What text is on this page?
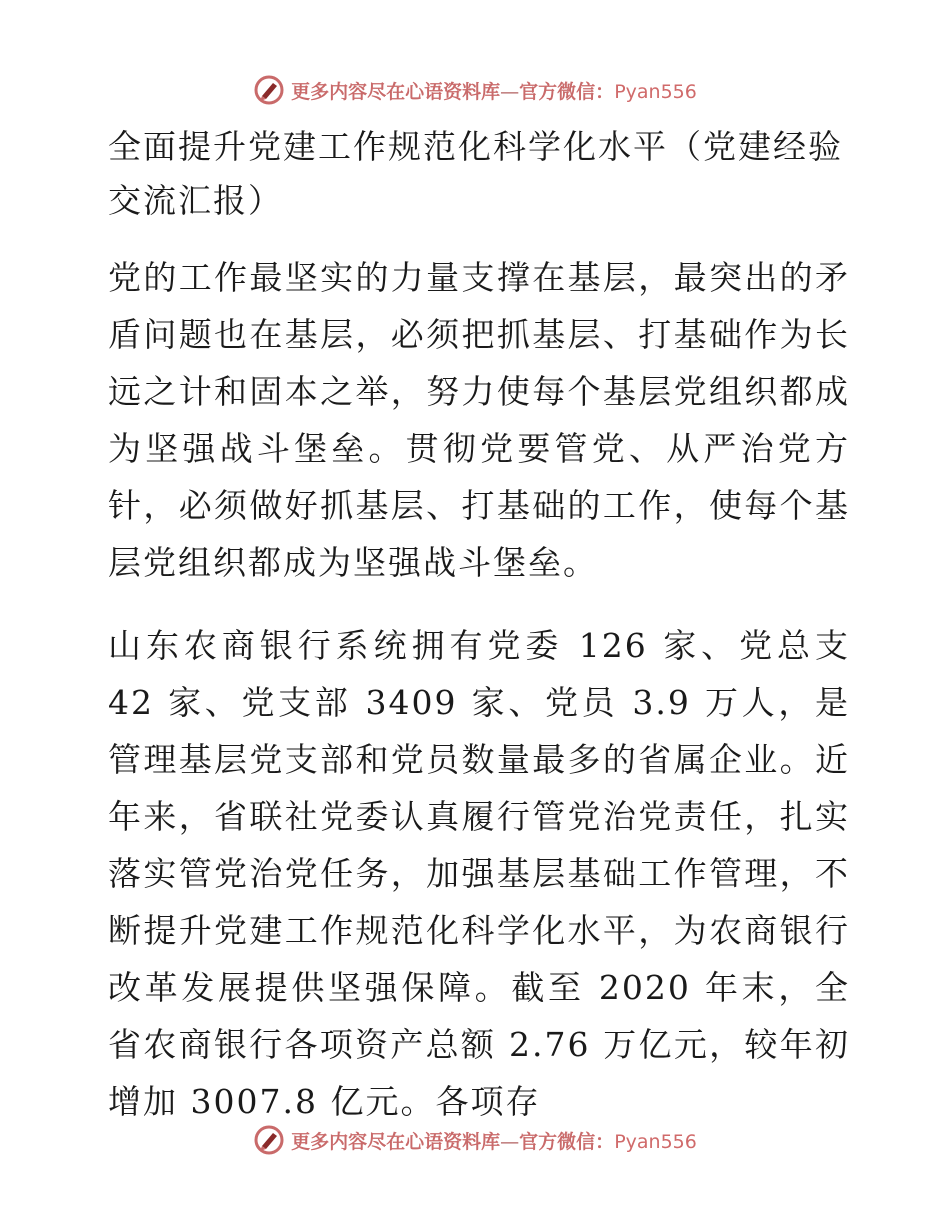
更多内容尽在心语资料库—官方微信：Pyan556
全面提升党建工作规范化科学化水平（党建经验交流汇报）

党的工作最坚实的力量支撑在基层，最突出的矛盾问题也在基层，必须把抓基层、打基础作为长远之计和固本之举，努力使每个基层党组织都成为坚强战斗堡垒。贯彻党要管党、从严治党方针，必须做好抓基层、打基础的工作，使每个基层党组织都成为坚强战斗堡垒。

山东农商银行系统拥有党委 126 家、党总支 42 家、党支部 3409 家、党员 3.9 万人，是管理基层党支部和党员数量最多的省属企业。近年来，省联社党委认真履行管党治党责任，扎实落实管党治党任务，加强基层基础工作管理，不断提升党建工作规范化科学化水平，为农商银行改革发展提供坚强保障。截至 2020 年末，全省农商银行各项资产总额 2.76 万亿元，较年初增加 3007.8 亿元。各项存

更多内容尽在心语资料库—官方微信：Pyan556
